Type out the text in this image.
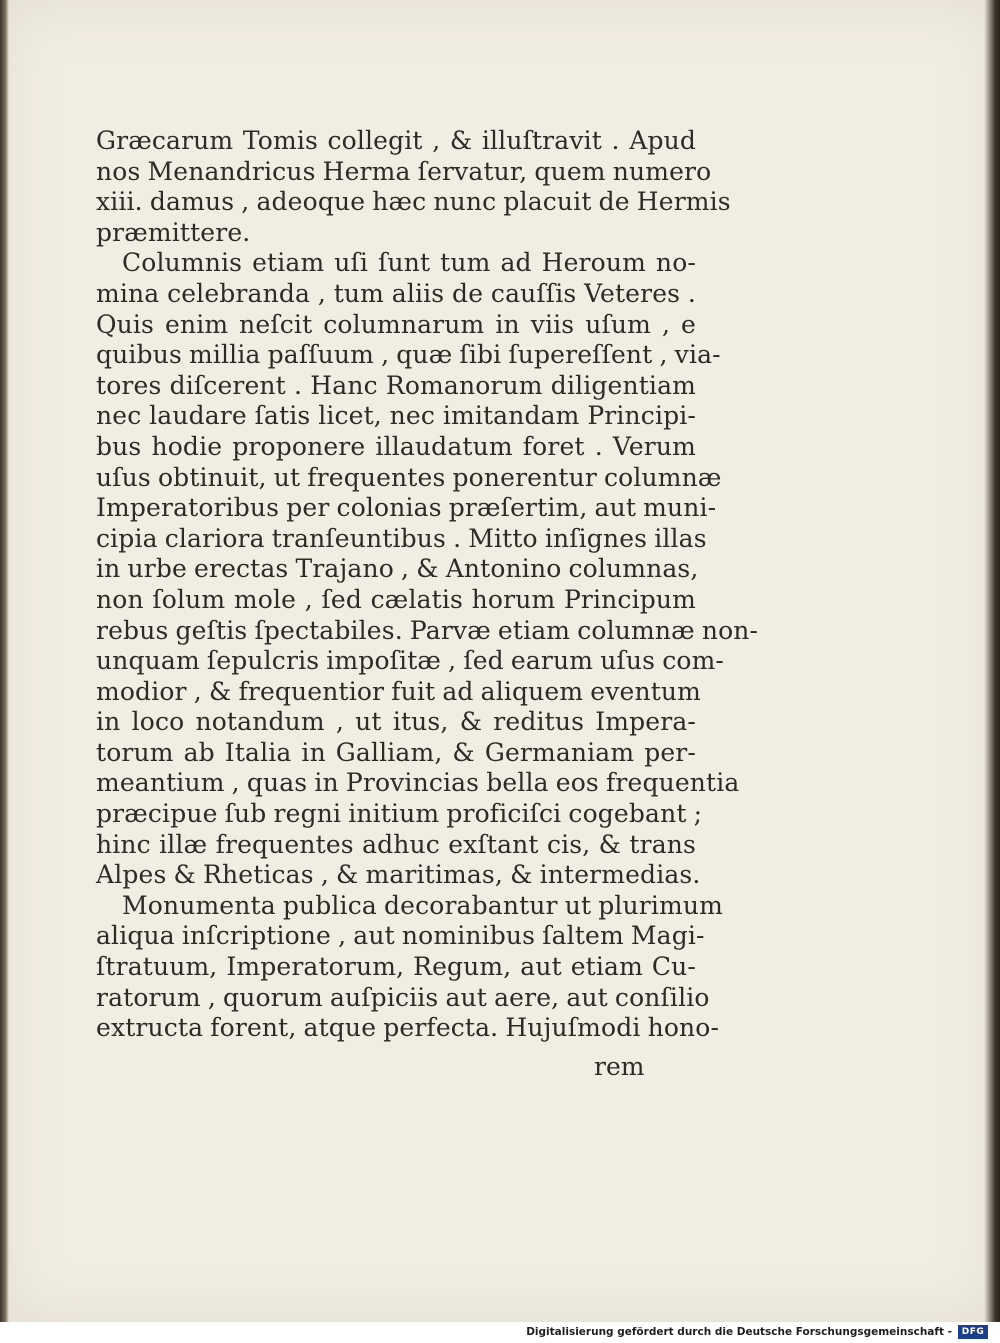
Græcarum Tomis collegit , & illuſtravit . Apud
nos Menandricus Herma ſervatur, quem numero
xiii. damus , adeoque hæc nunc placuit de Hermis
præmittere.
Columnis etiam uſi ſunt tum ad Heroum no-
mina celebranda , tum aliis de cauſſis Veteres .
Quis enim neſcit columnarum in viis uſum , e
quibus millia paſſuum , quæ ſibi ſupereſſent , via-
tores diſcerent . Hanc Romanorum diligentiam
nec laudare ſatis licet, nec imitandam Principi-
bus hodie proponere illaudatum foret . Verum
uſus obtinuit, ut frequentes ponerentur columnæ
Imperatoribus per colonias præſertim, aut muni-
cipia clariora tranſeuntibus . Mitto inſignes illas
in urbe erectas Trajano , & Antonino columnas,
non ſolum mole , ſed cælatis horum Principum
rebus geſtis ſpectabiles. Parvæ etiam columnæ non-
unquam ſepulcris impoſitæ , ſed earum uſus com-
modior , & frequentior fuit ad aliquem eventum
in loco notandum , ut itus, & reditus Impera-
torum ab Italia in Galliam, & Germaniam per-
meantium , quas in Provincias bella eos frequentia
præcipue ſub regni initium proficiſci cogebant ;
hinc illæ frequentes adhuc exſtant cis, & trans
Alpes & Rheticas , & maritimas, & intermedias.
Monumenta publica decorabantur ut plurimum
aliqua inſcriptione , aut nominibus ſaltem Magi-
ſtratuum, Imperatorum, Regum, aut etiam Cu-
ratorum , quorum auſpiciis aut aere, aut conſilio
extructa forent, atque perfecta. Hujuſmodi hono-
rem
Digitalisierung gefördert durch die Deutsche Forschungsgemeinschaft -	DFG
